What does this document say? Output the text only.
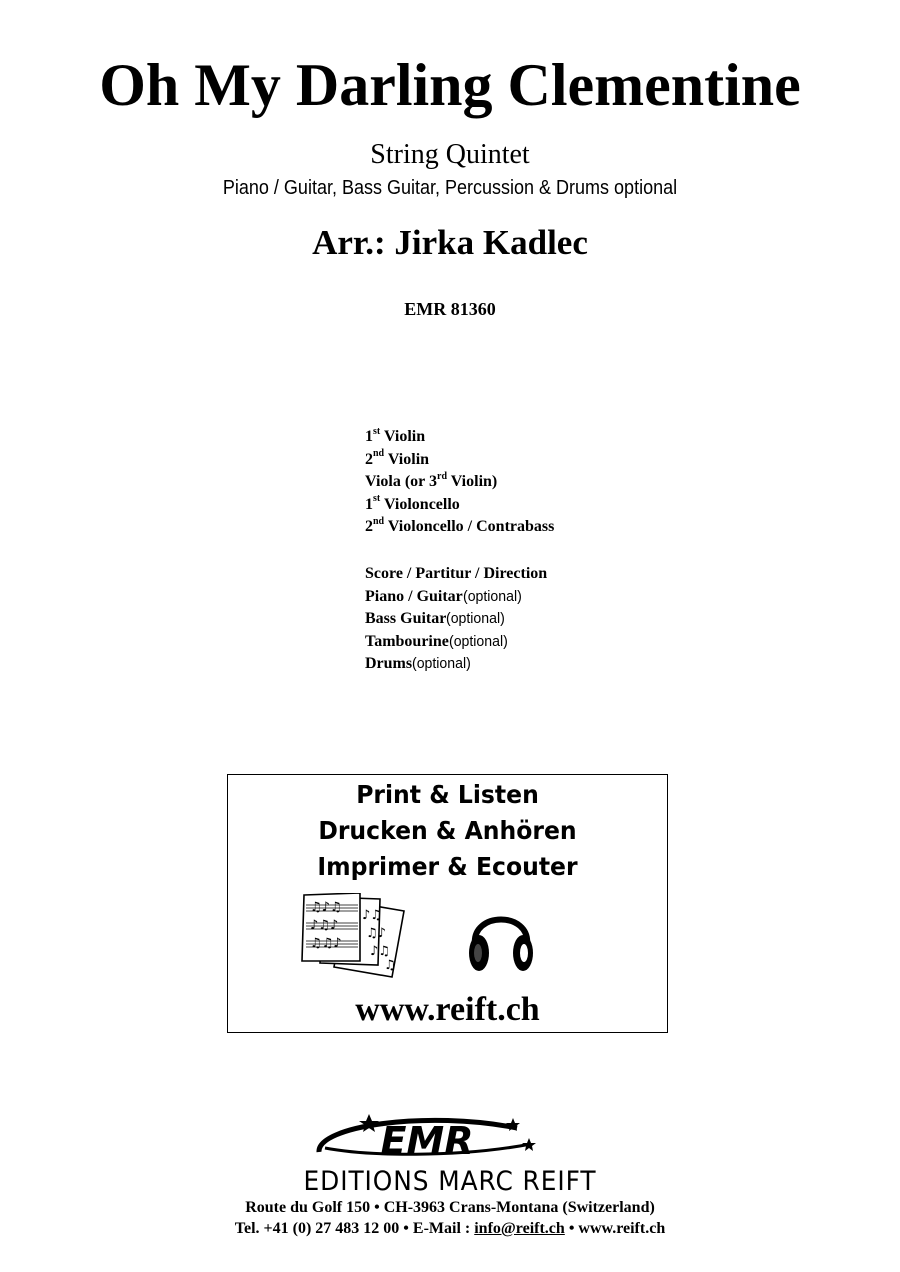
Oh My Darling Clementine
String Quintet
Piano / Guitar, Bass Guitar, Percussion & Drums optional
Arr.: Jirka Kadlec
EMR 81360
1st Violin
2nd Violin
Viola (or 3rd Violin)
1st Violoncello
2nd Violoncello / Contrabass
Score / Partitur / Direction
Piano / Guitar(optional)
Bass Guitar(optional)
Tambourine(optional)
Drums(optional)
Print & Listen
Drucken & Anhören
Imprimer & Ecouter
♫♪♫
♪♫
♪♫♪
♫♪
♫♫♪
♪♫
♫
www.reift.ch
EMR
EDITIONS MARC REIFT
Route du Golf 150 • CH-3963 Crans-Montana (Switzerland)
Tel. +41 (0) 27 483 12 00 • E-Mail : info@reift.ch • www.reift.ch
